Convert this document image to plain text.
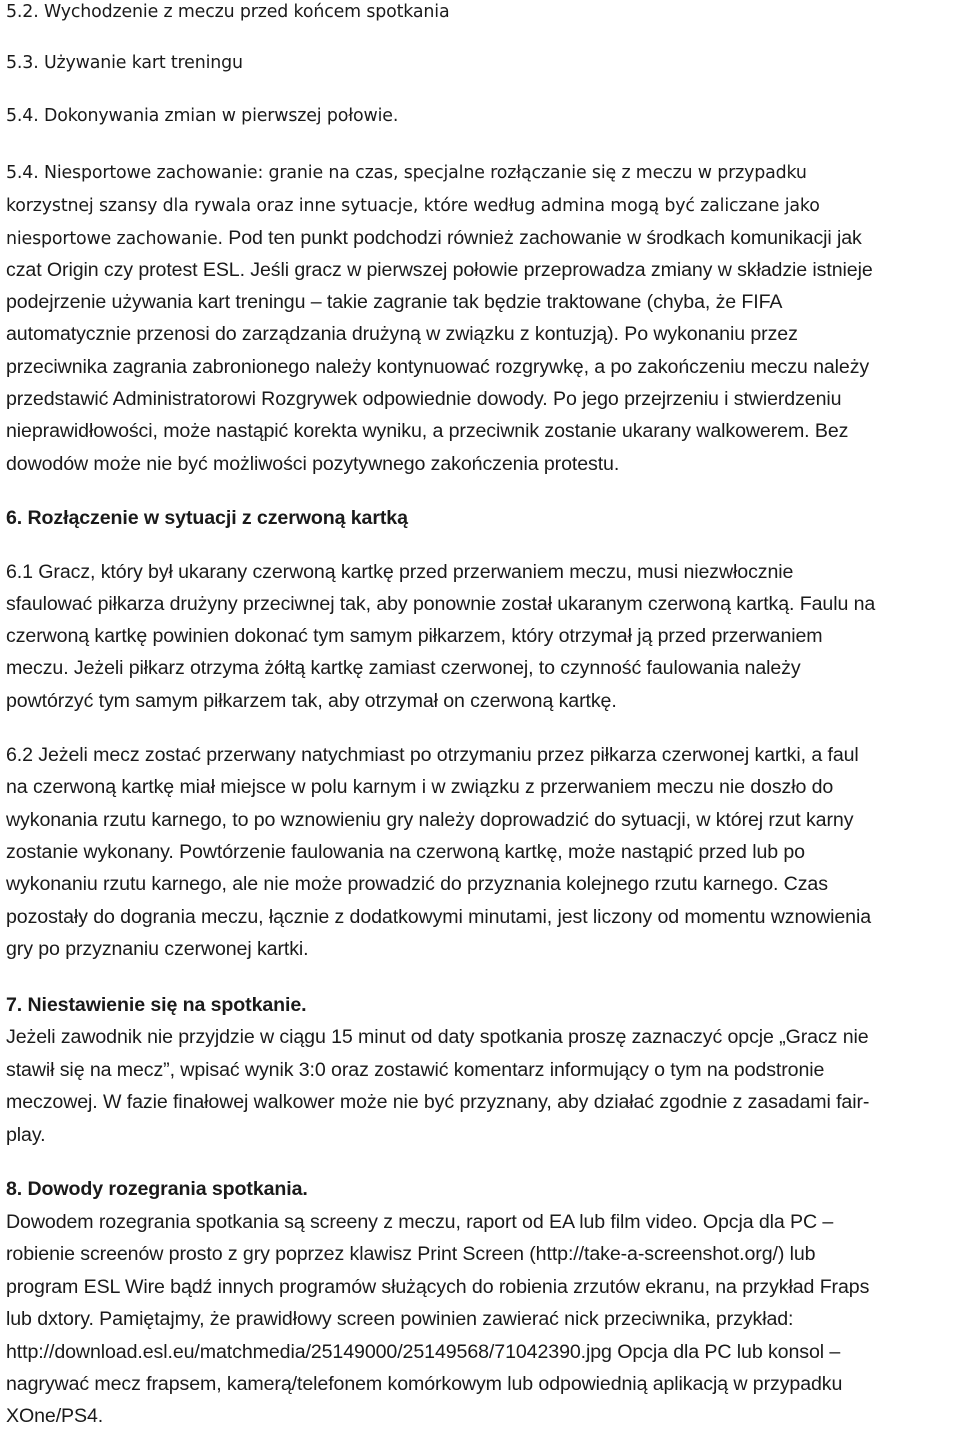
5.2. Wychodzenie z meczu przed końcem spotkania
5.3. Używanie kart treningu
5.4. Dokonywania zmian w pierwszej połowie.
5.4. Niesportowe zachowanie: granie na czas, specjalne rozłączanie się z meczu w przypadku
korzystnej szansy dla rywala oraz inne sytuacje, które według admina mogą być zaliczane jako
niesportowe zachowanie. Pod ten punkt podchodzi również zachowanie w środkach komunikacji jak
czat Origin czy protest ESL. Jeśli gracz w pierwszej połowie przeprowadza zmiany w składzie istnieje
podejrzenie używania kart treningu – takie zagranie tak będzie traktowane (chyba, że FIFA
automatycznie przenosi do zarządzania drużyną w związku z kontuzją). Po wykonaniu przez
przeciwnika zagrania zabronionego należy kontynuować rozgrywkę, a po zakończeniu meczu należy
przedstawić Administratorowi Rozgrywek odpowiednie dowody. Po jego przejrzeniu i stwierdzeniu
nieprawidłowości, może nastąpić korekta wyniku, a przeciwnik zostanie ukarany walkowerem. Bez
dowodów może nie być możliwości pozytywnego zakończenia protestu.
6. Rozłączenie w sytuacji z czerwoną kartką
6.1 Gracz, który był ukarany czerwoną kartkę przed przerwaniem meczu, musi niezwłocznie
sfaulować piłkarza drużyny przeciwnej tak, aby ponownie został ukaranym czerwoną kartką. Faulu na
czerwoną kartkę powinien dokonać tym samym piłkarzem, który otrzymał ją przed przerwaniem
meczu. Jeżeli piłkarz otrzyma żółtą kartkę zamiast czerwonej, to czynność faulowania należy
powtórzyć tym samym piłkarzem tak, aby otrzymał on czerwoną kartkę.
6.2 Jeżeli mecz zostać przerwany natychmiast po otrzymaniu przez piłkarza czerwonej kartki, a faul
na czerwoną kartkę miał miejsce w polu karnym i w związku z przerwaniem meczu nie doszło do
wykonania rzutu karnego, to po wznowieniu gry należy doprowadzić do sytuacji, w której rzut karny
zostanie wykonany. Powtórzenie faulowania na czerwoną kartkę, może nastąpić przed lub po
wykonaniu rzutu karnego, ale nie może prowadzić do przyznania kolejnego rzutu karnego. Czas
pozostały do dogrania meczu, łącznie z dodatkowymi minutami, jest liczony od momentu wznowienia
gry po przyznaniu czerwonej kartki.
7. Niestawienie się na spotkanie.
Jeżeli zawodnik nie przyjdzie w ciągu 15 minut od daty spotkania proszę zaznaczyć opcje „Gracz nie
stawił się na mecz”, wpisać wynik 3:0 oraz zostawić komentarz informujący o tym na podstronie
meczowej. W fazie finałowej walkower może nie być przyznany, aby działać zgodnie z zasadami fair-
play.
8. Dowody rozegrania spotkania.
Dowodem rozegrania spotkania są screeny z meczu, raport od EA lub film video. Opcja dla PC –
robienie screenów prosto z gry poprzez klawisz Print Screen (http://take-a-screenshot.org/) lub
program ESL Wire bądź innych programów służących do robienia zrzutów ekranu, na przykład Fraps
lub dxtory. Pamiętajmy, że prawidłowy screen powinien zawierać nick przeciwnika, przykład:
http://download.esl.eu/matchmedia/25149000/25149568/71042390.jpg Opcja dla PC lub konsol –
nagrywać mecz frapsem, kamerą/telefonem komórkowym lub odpowiednią aplikacją w przypadku
XOne/PS4.
